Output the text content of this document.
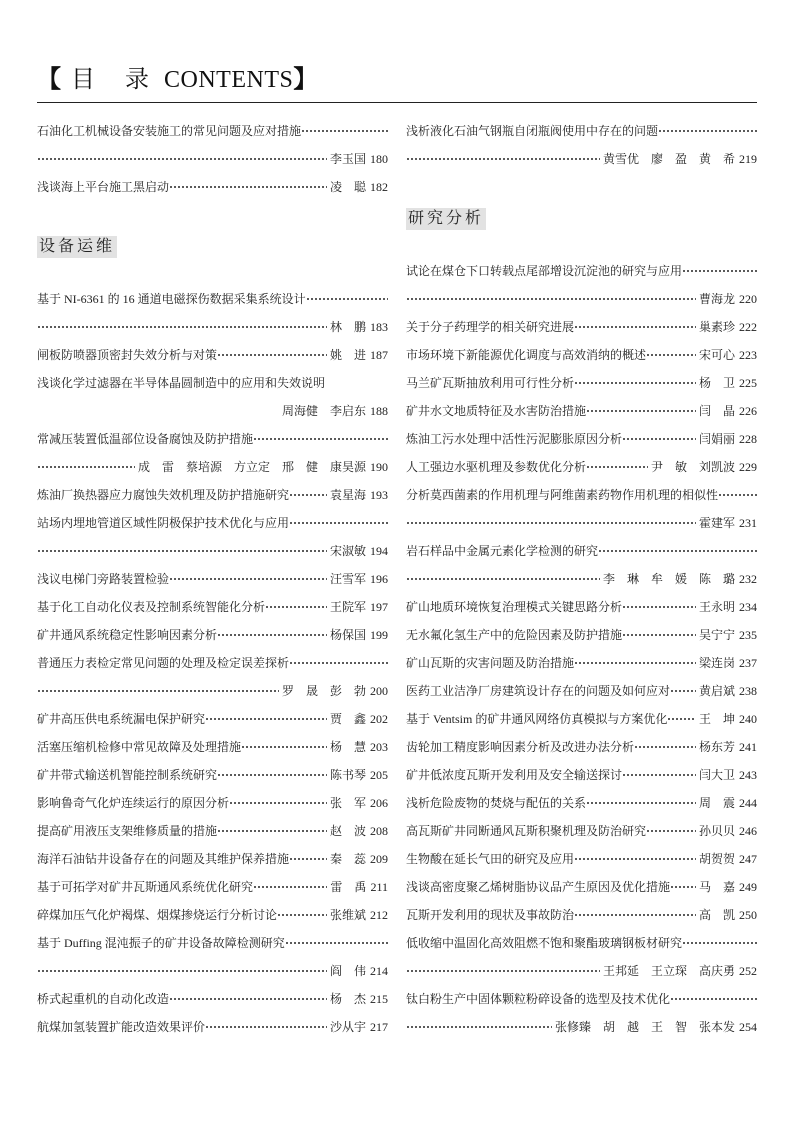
【 目　录 CONTENTS】
石油化工机械设备安装施工的常见问题及应对措施
李玉国 180
浅谈海上平台施工黑启动	凌　聪 182
设备运维
基于 NI-6361 的 16 通道电磁探伤数据采集系统设计
林　鹏 183
闸板防喷器顶密封失效分析与对策	姚　进 187
浅谈化学过滤器在半导体晶圆制造中的应用和失效说明
周海健　李启东 188
常减压装置低温部位设备腐蚀及防护措施
成　雷　蔡培源　方立定　邢　健　康昊源 190
炼油厂换热器应力腐蚀失效机理及防护措施研究	袁星海 193
站场内埋地管道区域性阴极保护技术优化与应用
宋淑敏 194
浅议电梯门旁路装置检验	汪雪军 196
基于化工自动化仪表及控制系统智能化分析	王院军 197
矿井通风系统稳定性影响因素分析	杨保国 199
普通压力表检定常见问题的处理及检定误差探析
罗　晟　彭　勃 200
矿井高压供电系统漏电保护研究	贾　鑫 202
活塞压缩机检修中常见故障及处理措施	杨　慧 203
矿井带式输送机智能控制系统研究	陈书琴 205
影响鲁奇气化炉连续运行的原因分析	张　军 206
提高矿用液压支架维修质量的措施	赵　波 208
海洋石油钻井设备存在的问题及其维护保养措施	秦　蕊 209
基于可拓学对矿井瓦斯通风系统优化研究	雷　禹 211
碎煤加压气化炉褐煤、烟煤掺烧运行分析讨论	张维斌 212
基于 Duffing 混沌振子的矿井设备故障检测研究
阎　伟 214
桥式起重机的自动化改造	杨　杰 215
航煤加氢装置扩能改造效果评价	沙从宇 217
浅析液化石油气钢瓶自闭瓶阀使用中存在的问题
黄雪优　廖　盈　黄　希 219
研究分析
试论在煤仓下口转载点尾部增设沉淀池的研究与应用
曹海龙 220
关于分子药理学的相关研究进展	巢素珍 222
市场环境下新能源优化调度与高效消纳的概述	宋可心 223
马兰矿瓦斯抽放利用可行性分析	杨　卫 225
矿井水文地质特征及水害防治措施	闫　晶 226
炼油工污水处理中活性污泥膨胀原因分析	闫娟丽 228
人工强边水驱机理及参数优化分析	尹　敏　刘凯波 229
分析莫西菌素的作用机理与阿维菌素药物作用机理的相似性
霍建军 231
岩石样品中金属元素化学检测的研究
李　琳　牟　媛　陈　璐 232
矿山地质环境恢复治理模式关键思路分析	王永明 234
无水氟化氢生产中的危险因素及防护措施	吴宁宁 235
矿山瓦斯的灾害问题及防治措施	梁连岗 237
医药工业洁净厂房建筑设计存在的问题及如何应对 黄启斌 238
基于 Ventsim 的矿井通风网络仿真模拟与方案优化	王　坤 240
齿轮加工精度影响因素分析及改进办法分析	杨东芳 241
矿井低浓度瓦斯开发利用及安全输送探讨	闫大卫 243
浅析危险废物的焚烧与配伍的关系	周　震 244
高瓦斯矿井同断通风瓦斯积聚机理及防治研究	孙贝贝 246
生物酸在延长气田的研究及应用	胡贺贺 247
浅谈高密度聚乙烯树脂协议品产生原因及优化措施 马　嘉 249
瓦斯开发利用的现状及事故防治	高　凯 250
低收缩中温固化高效阻燃不饱和聚酯玻璃钢板材研究
王邦延　王立琛　高庆勇 252
钛白粉生产中固体颗粒粉碎设备的选型及技术优化
张修臻　胡　越　王　智　张本发 254
